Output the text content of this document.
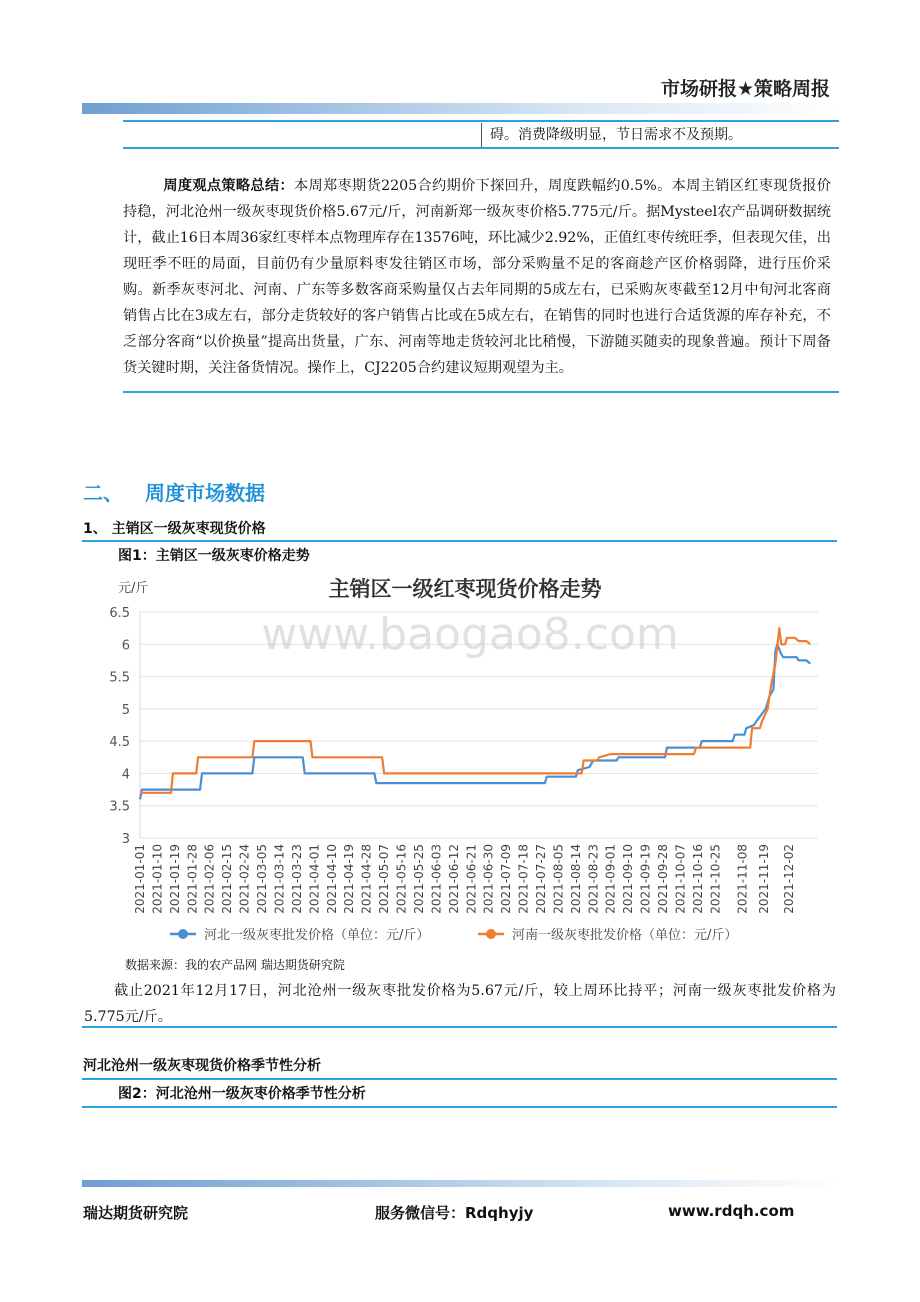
市场研报★策略周报
碍。消费降级明显，节日需求不及预期。
周度观点策略总结：本周郑枣期货2205合约期价下探回升，周度跌幅约0.5%。本周主销区红枣现货报价持稳，河北沧州一级灰枣现货价格5.67元/斤，河南新郑一级灰枣价格5.775元/斤。据Mysteel农产品调研数据统计，截止16日本周36家红枣样本点物理库存在13576吨，环比减少2.92%，正值红枣传统旺季，但表现欠佳，出现旺季不旺的局面，目前仍有少量原料枣发往销区市场，部分采购量不足的客商趁产区价格弱降，进行压价采购。新季灰枣河北、河南、广东等多数客商采购量仅占去年同期的5成左右，已采购灰枣截至12月中旬河北客商销售占比在3成左右，部分走货较好的客户销售占比或在5成左右，在销售的同时也进行合适货源的库存补充，不乏部分客商“以价换量”提高出货量，广东、河南等地走货较河北比稍慢，下游随买随卖的现象普遍。预计下周备货关键时期，关注备货情况。操作上，CJ2205合约建议短期观望为主。
二、 周度市场数据
1、 主销区一级灰枣现货价格
图1：主销区一级灰枣价格走势
主销区一级红枣现货价格走势
元/斤
6.5
6
5.5
5
4.5
4
3.5
3
2021-01-01 2021-01-10 2021-01-19 2021-01-28 2021-02-06 2021-02-15 2021-02-24 2021-03-05 2021-03-14 2021-03-23 2021-04-01 2021-04-10 2021-04-19 2021-04-28 2021-05-07 2021-05-16 2021-05-25 2021-06-03 2021-06-12 2021-06-21 2021-06-30 2021-07-09 2021-07-18 2021-07-27 2021-08-05 2021-08-14 2021-08-23 2021-09-01 2021-09-10 2021-09-19 2021-09-28 2021-10-07 2021-10-16 2021-10-25 2021-11-08 2021-11-19 2021-12-02
河北一级灰枣批发价格（单位：元/斤）	河南一级灰枣批发价格（单位：元/斤）
www.baogao8.com
数据来源：我的农产品网 瑞达期货研究院
截止2021年12月17日，河北沧州一级灰枣批发价格为5.67元/斤，较上周环比持平；河南一级灰枣批发价格为5.775元/斤。
河北沧州一级灰枣现货价格季节性分析
图2：河北沧州一级灰枣价格季节性分析
瑞达期货研究院	服务微信号：Rdqhyjy	www.rdqh.com
